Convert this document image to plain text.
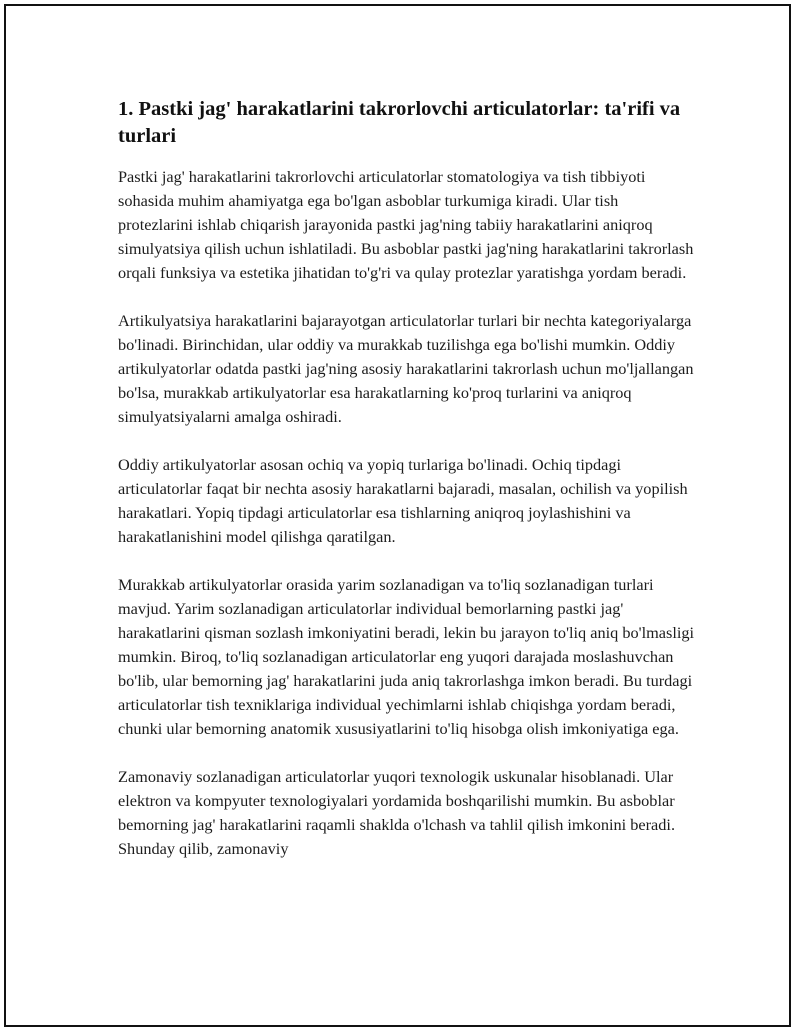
1. Pastki jag' harakatlarini takrorlovchi articulatorlar: ta'rifi va turlari

Pastki jag' harakatlarini takrorlovchi articulatorlar stomatologiya va tish tibbiyoti sohasida muhim ahamiyatga ega bo'lgan asboblar turkumiga kiradi. Ular tish protezlarini ishlab chiqarish jarayonida pastki jag'ning tabiiy harakatlarini aniqroq simulyatsiya qilish uchun ishlatiladi. Bu asboblar pastki jag'ning harakatlarini takrorlash orqali funksiya va estetika jihatidan to'g'ri va qulay protezlar yaratishga yordam beradi.

Artikulyatsiya harakatlarini bajarayotgan articulatorlar turlari bir nechta kategoriyalarga bo'linadi. Birinchidan, ular oddiy va murakkab tuzilishga ega bo'lishi mumkin. Oddiy artikulyatorlar odatda pastki jag'ning asosiy harakatlarini takrorlash uchun mo'ljallangan bo'lsa, murakkab artikulyatorlar esa harakatlarning ko'proq turlarini va aniqroq simulyatsiyalarni amalga oshiradi.

Oddiy artikulyatorlar asosan ochiq va yopiq turlariga bo'linadi. Ochiq tipdagi articulatorlar faqat bir nechta asosiy harakatlarni bajaradi, masalan, ochilish va yopilish harakatlari. Yopiq tipdagi articulatorlar esa tishlarning aniqroq joylashishini va harakatlanishini model qilishga qaratilgan.

Murakkab artikulyatorlar orasida yarim sozlanadigan va to'liq sozlanadigan turlari mavjud. Yarim sozlanadigan articulatorlar individual bemorlarning pastki jag' harakatlarini qisman sozlash imkoniyatini beradi, lekin bu jarayon to'liq aniq bo'lmasligi mumkin. Biroq, to'liq sozlanadigan articulatorlar eng yuqori darajada moslashuvchan bo'lib, ular bemorning jag' harakatlarini juda aniq takrorlashga imkon beradi. Bu turdagi articulatorlar tish texniklariga individual yechimlarni ishlab chiqishga yordam beradi, chunki ular bemorning anatomik xususiyatlarini to'liq hisobga olish imkoniyatiga ega.

Zamonaviy sozlanadigan articulatorlar yuqori texnologik uskunalar hisoblanadi. Ular elektron va kompyuter texnologiyalari yordamida boshqarilishi mumkin. Bu asboblar bemorning jag' harakatlarini raqamli shaklda o'lchash va tahlil qilish imkonini beradi. Shunday qilib, zamonaviy
